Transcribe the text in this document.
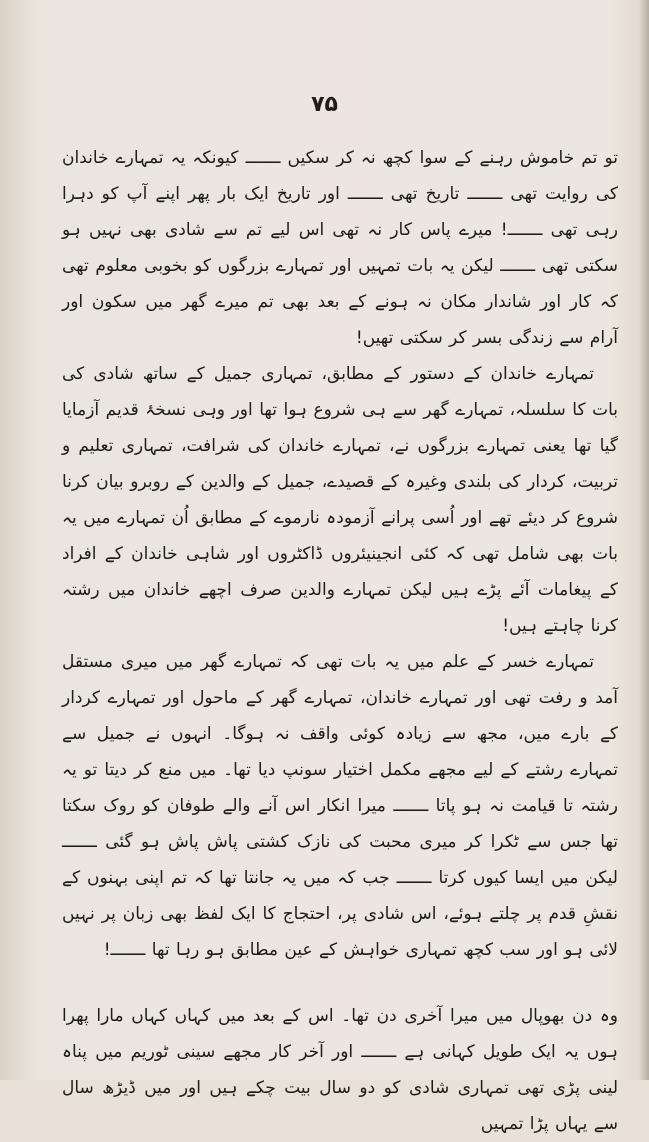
۷۵

تو تم خاموش رہنے کے سوا کچھ نہ کر سکیں ـــــــ کیونکہ یہ تمہارے خاندان کی روایت تھی ـــــــ تاریخ تھی ـــــــ اور تاریخ ایک بار پھر اپنے آپ کو دہرا رہی تھی ـــــــ! میرے پاس کار نہ تھی اس لیے تم سے شادی بھی نہیں ہو سکتی تھی ـــــــ لیکن یہ بات تمہیں اور تمہارے بزرگوں کو بخوبی معلوم تھی کہ کار اور شاندار مکان نہ ہونے کے بعد بھی تم میرے گھر میں سکون اور آرام سے زندگی بسر کر سکتی تھیں!

تمہارے خاندان کے دستور کے مطابق، تمہاری جمیل کے ساتھ شادی کی بات کا سلسلہ، تمہارے گھر سے ہی شروع ہوا تھا اور وہی نسخۂ قدیم آزمایا گیا تھا یعنی تمہارے بزرگوں نے، تمہارے خاندان کی شرافت، تمہاری تعلیم و تربیت، کردار کی بلندی وغیرہ کے قصیدے، جمیل کے والدین کے روبرو بیان کرنا شروع کر دیئے تھے اور اُسی پرانے آزمودہ نارموے کے مطابق اُن تمہارے میں یہ بات بھی شامل تھی کہ کئی انجینیئروں ڈاکٹروں اور شاہی خاندان کے افراد کے پیغامات آئے پڑے ہیں لیکن تمہارے والدین صرف اچھے خاندان میں رشتہ کرنا چاہتے ہیں!

تمہارے خسر کے علم میں یہ بات تھی کہ تمہارے گھر میں میری مستقل آمد و رفت تھی اور تمہارے خاندان، تمہارے گھر کے ماحول اور تمہارے کردار کے بارے میں، مجھ سے زیادہ کوئی واقف نہ ہوگا۔ انہوں نے جمیل سے تمہارے رشتے کے لیے مجھے مکمل اختیار سونپ دیا تھا۔ میں منع کر دیتا تو یہ رشتہ تا قیامت نہ ہو پاتا ـــــــ میرا انکار اس آنے والے طوفان کو روک سکتا تھا جس سے ٹکرا کر میری محبت کی نازک کشتی پاش پاش ہو گئی ـــــــ لیکن میں ایسا کیوں کرتا ـــــــ جب کہ میں یہ جانتا تھا کہ تم اپنی بہنوں کے نقشِ قدم پر چلتے ہوئے، اس شادی پر، احتجاج کا ایک لفظ بھی زبان پر نہیں لائی ہو اور سب کچھ تمہاری خواہش کے عین مطابق ہو رہا تھا ـــــــ!

وہ دن بھوپال میں میرا آخری دن تھا۔ اس کے بعد میں کہاں کہاں مارا پھرا ہوں یہ ایک طویل کہانی ہے ـــــــ اور آخر کار مجھے سینی ٹوریم میں پناہ لینی پڑی تھی تمہاری شادی کو دو سال بیت چکے ہیں اور میں ڈیڑھ سال سے یہاں پڑا تمہیں
